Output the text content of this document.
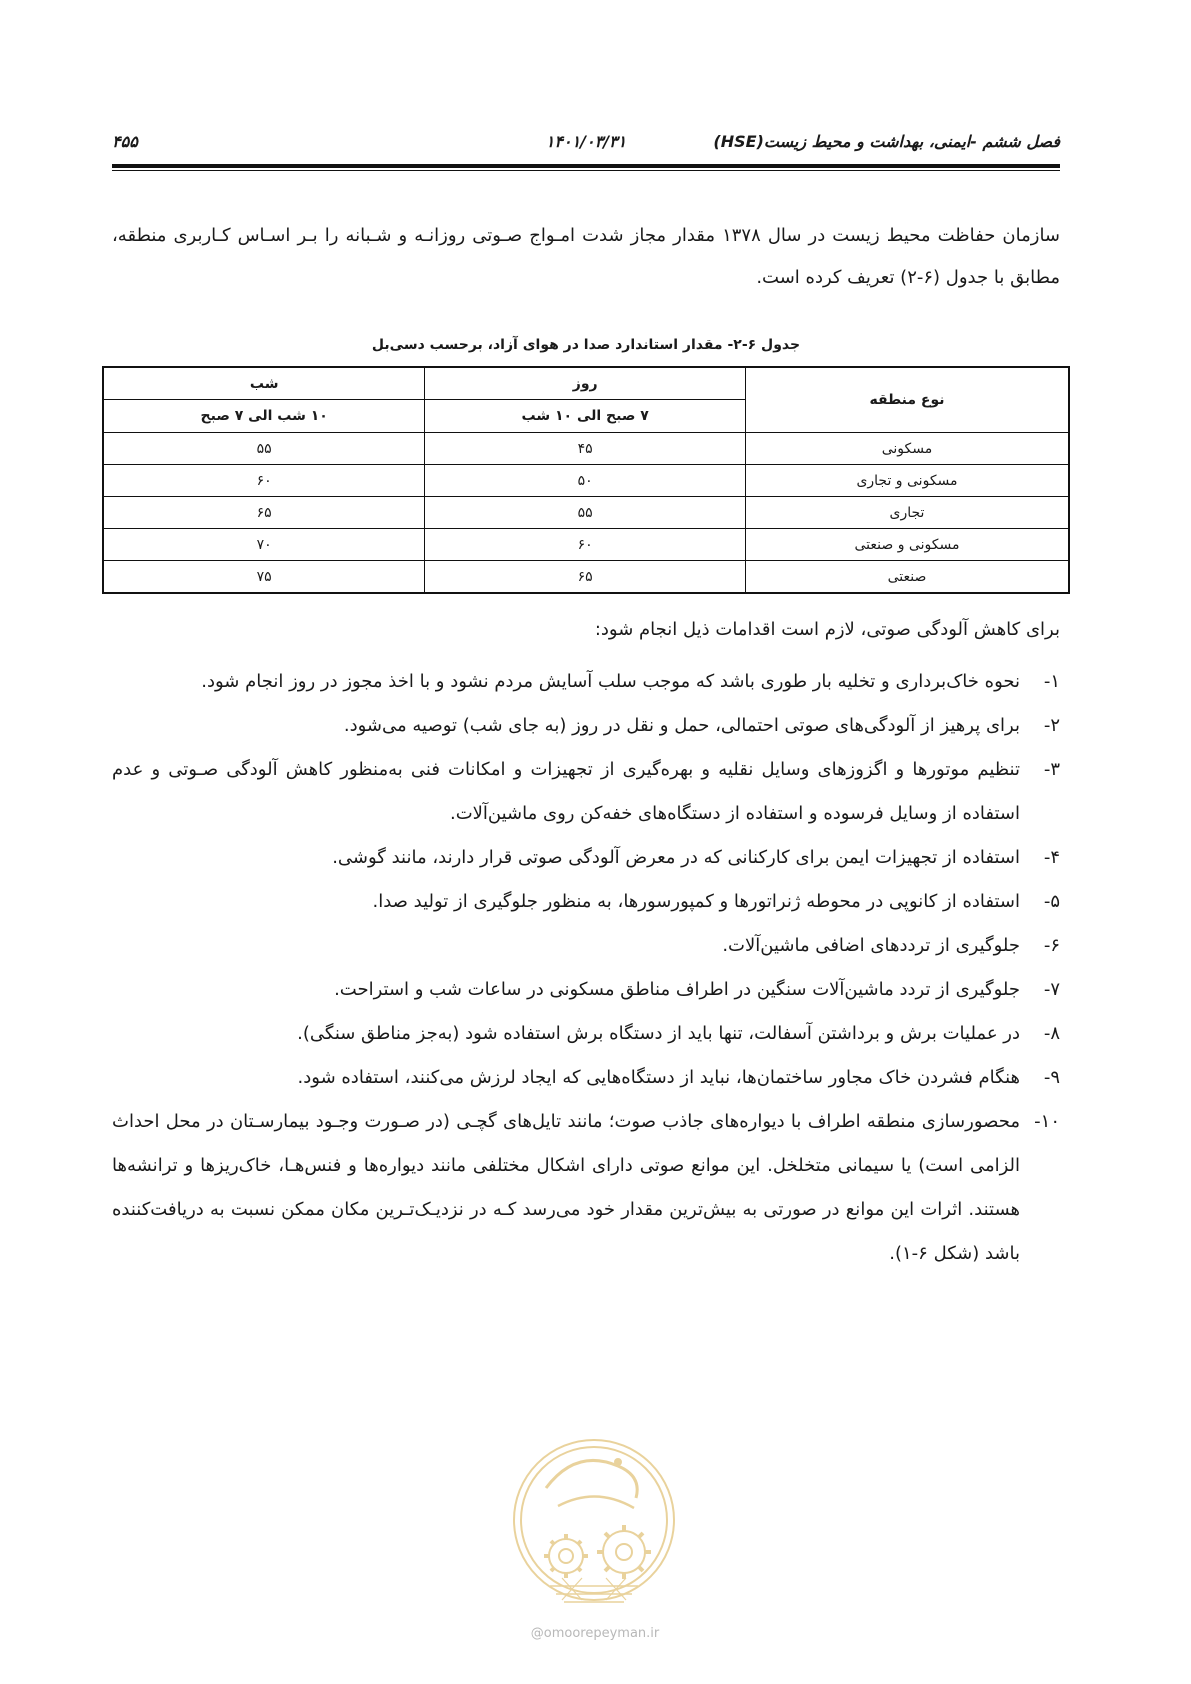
فصل ششم -ایمنی، بهداشت و محیط زیست(HSE)
۱۴۰۱/۰۳/۳۱
۴۵۵

سازمان حفاظت محیط زیست در سال ۱۳۷۸ مقدار مجاز شدت امـواج صـوتی روزانـه و شـبانه را بـر اسـاس کـاربری منطقه، مطابق با جدول (۶-۲) تعریف کرده است.

جدول ۶-۲- مقدار استاندارد صدا در هوای آزاد، برحسب دسی‌بل
نوع منطقه	روز	شب
	۷ صبح الی ۱۰ شب	۱۰ شب الی ۷ صبح
مسکونی	۴۵	۵۵
مسکونی و تجاری	۵۰	۶۰
تجاری	۵۵	۶۵
مسکونی و صنعتی	۶۰	۷۰
صنعتی	۶۵	۷۵

برای کاهش آلودگی صوتی، لازم است اقدامات ذیل انجام شود:

۱-
نحوه خاک‌برداری و تخلیه بار طوری باشد که موجب سلب آسایش مردم نشود و با اخذ مجوز در روز انجام شود.
۲-
برای پرهیز از آلودگی‌های صوتی احتمالی، حمل و نقل در روز (به جای شب) توصیه می‌شود.
۳-
تنظیم موتورها و اگزوزهای وسایل نقلیه و بهره‌گیری از تجهیزات و امکانات فنی به‌منظور کاهش آلودگی صـوتی و عدم استفاده از وسایل فرسوده و استفاده از دستگاه‌های خفه‌کن روی ماشین‌آلات.
۴-
استفاده از تجهیزات ایمن برای کارکنانی که در معرض آلودگی صوتی قرار دارند، مانند گوشی.
۵-
استفاده از کانوپی در محوطه ژنراتورها و کمپورسورها، به منظور جلوگیری از تولید صدا.
۶-
جلوگیری از ترددهای اضافی ماشین‌آلات.
۷-
جلوگیری از تردد ماشین‌آلات سنگین در اطراف مناطق مسکونی در ساعات شب و استراحت.
۸-
در عملیات برش و برداشتن آسفالت، تنها باید از دستگاه برش استفاده شود (به‌جز مناطق سنگی).
۹-
هنگام فشردن خاک مجاور ساختمان‌ها، نباید از دستگاه‌هایی که ایجاد لرزش می‌کنند، استفاده شود.
۱۰-
محصورسازی منطقه اطراف با دیواره‌های جاذب صوت؛ مانند تایل‌های گچـی (در صـورت وجـود بیمارسـتان در محل احداث الزامی است) یا سیمانی متخلخل. این موانع صوتی دارای اشکال مختلفی مانند دیواره‌ها و فنس‌هـا، خاک‌ریزها و ترانشه‌ها هستند. اثرات این موانع در صورتی به بیش‌ترین مقدار خود می‌رسد کـه در نزدیـک‌تـرین مکان ممکن نسبت به دریافت‌کننده باشد (شکل ۶-۱).
@omoorepeyman.ir
